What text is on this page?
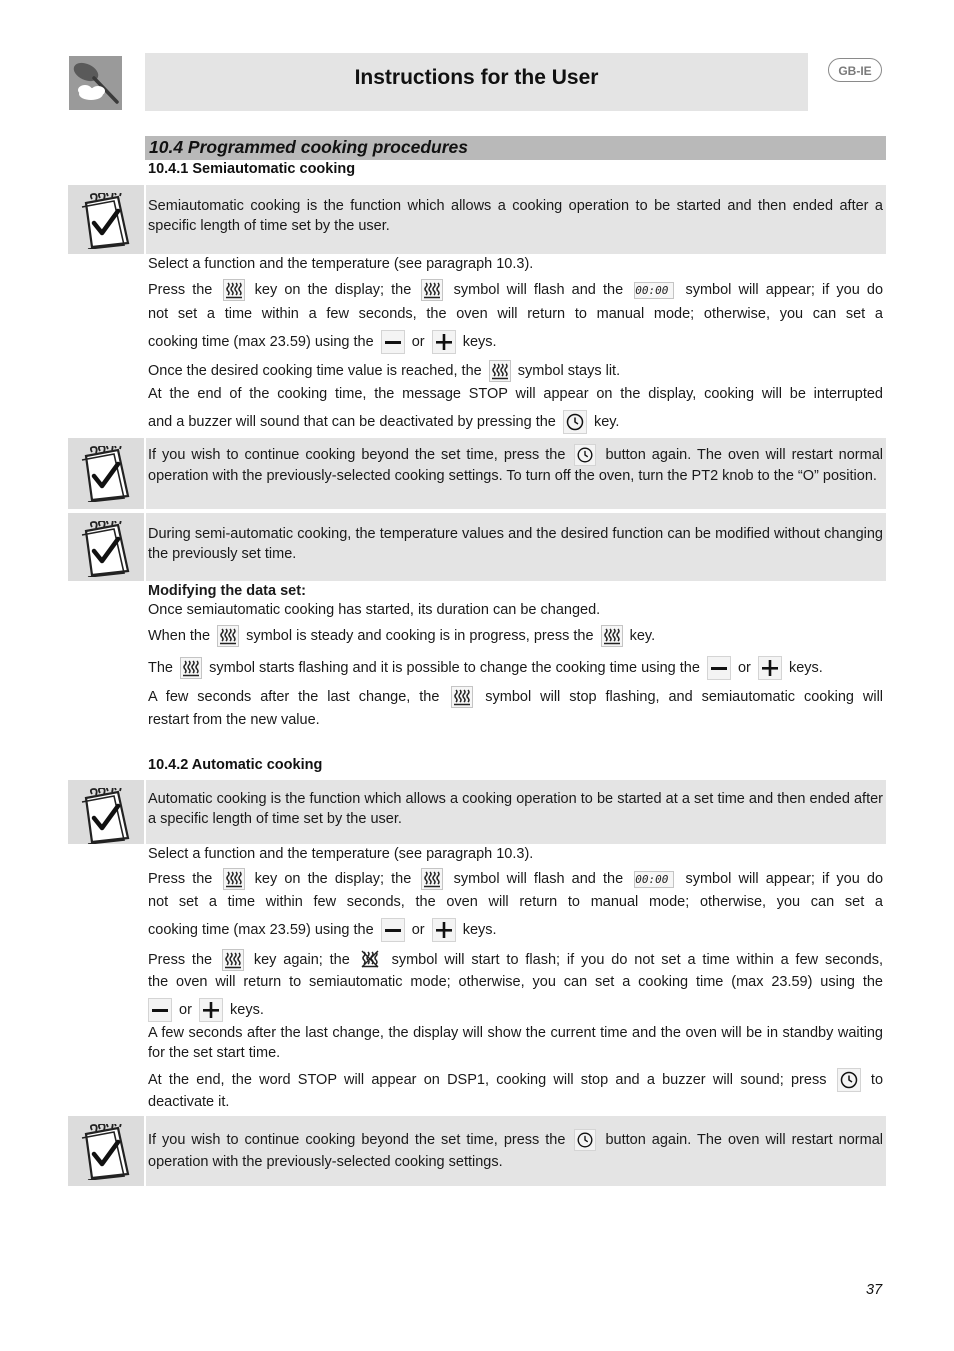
Instructions for the User	GB-IE
10.4 Programmed cooking procedures
10.4.1 Semiautomatic cooking
Semiautomatic cooking is the function which allows a cooking operation to be started and then ended after a specific length of time set by the user.
Select a function and the temperature (see paragraph 10.3).
Press the	key on the display; the	symbol will flash and the 00:00 symbol will appear; if you do
not set a time within a few seconds, the oven will return to manual mode; otherwise, you can set a
cooking time (max 23.59) using the	or	keys.
Once the desired cooking time value is reached, the symbol stays lit.
At the end of the cooking time, the message STOP will appear on the display, cooking will be interrupted
and a buzzer will sound that can be deactivated by pressing the	key.
If you wish to continue cooking beyond the set time, press the	button again. The oven will restart normal operation with the previously-selected cooking settings. To turn off the oven, turn the PT2 knob to the “O” position.
During semi-automatic cooking, the temperature values and the desired function can be modified without changing the previously set time.
Modifying the data set:
Once semiautomatic cooking has started, its duration can be changed.
When the symbol is steady and cooking is in progress, press the key.
The symbol starts flashing and it is possible to change the cooking time using the	or	keys.
A few seconds after the last change, the	symbol will stop flashing, and semiautomatic cooking will
restart from the new value.
10.4.2 Automatic cooking
Automatic cooking is the function which allows a cooking operation to be started at a set time and then ended after a specific length of time set by the user.
Select a function and the temperature (see paragraph 10.3).
Press the	key on the display; the	symbol will flash and the 00:00 symbol will appear; if you do
not set a time within few seconds, the oven will return to manual mode; otherwise, you can set a
cooking time (max 23.59) using the	or	keys.
Press the	key again; the	symbol will start to flash; if you do not set a time within a few seconds,
the oven will return to semiautomatic mode; otherwise, you can set a cooking time (max 23.59) using the
or	keys.
A few seconds after the last change, the display will show the current time and the oven will be in standby waiting for the set start time.
At the end, the word STOP will appear on DSP1, cooking will stop and a buzzer will sound; press	to
deactivate it.
If you wish to continue cooking beyond the set time, press the	button again. The oven will restart normal operation with the previously-selected cooking settings.
37
